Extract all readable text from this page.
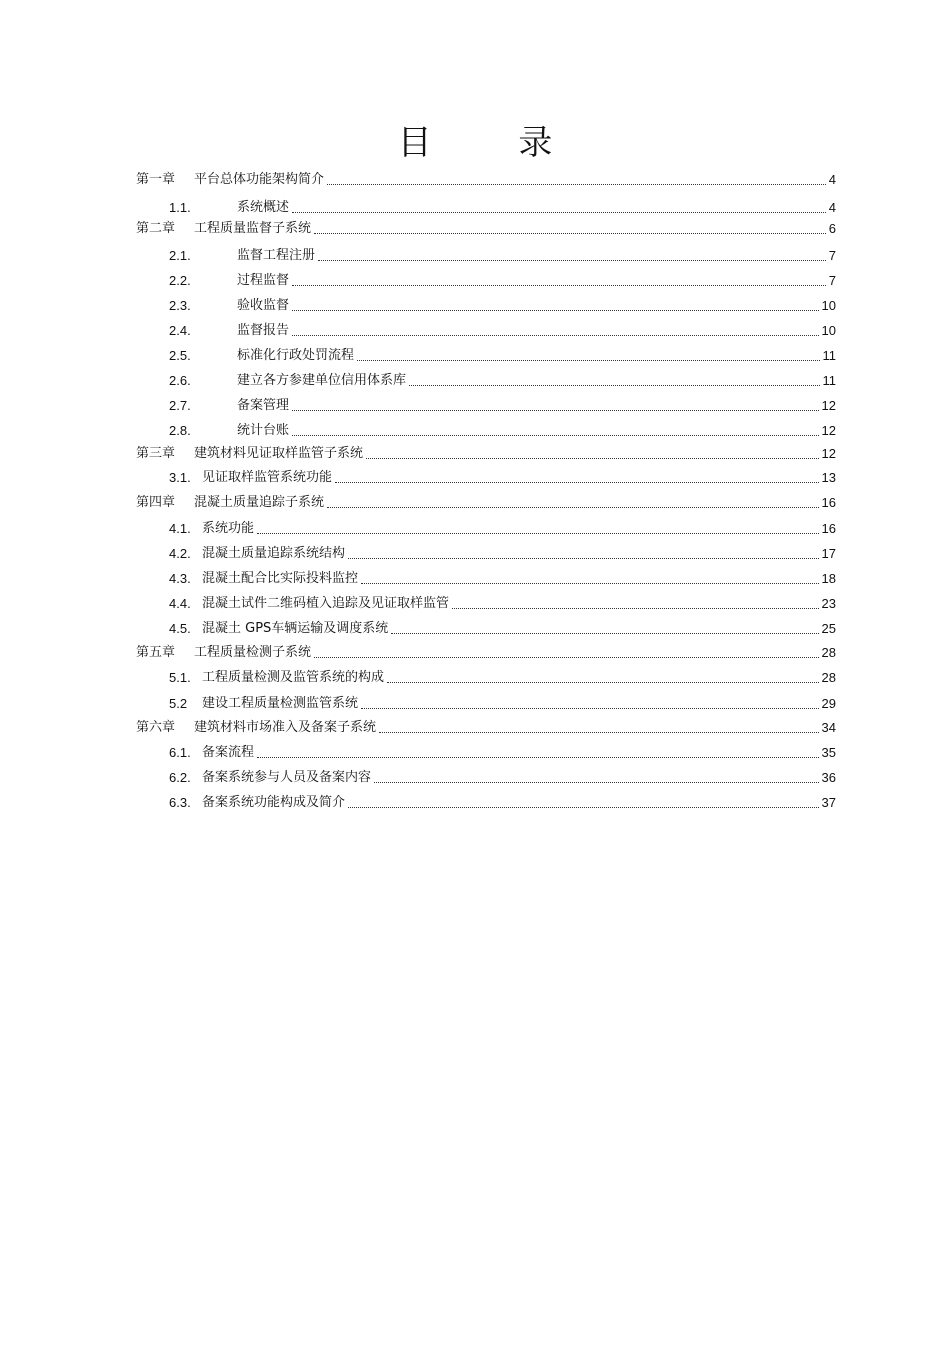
目 录
第一章	平台总体功能架构简介	4
1.1.	系统概述	4
第二章	工程质量监督子系统	6
2.1.	监督工程注册	7
2.2.	过程监督	7
2.3.	验收监督	10
2.4.	监督报告	10
2.5.	标准化行政处罚流程	11
2.6.	建立各方参建单位信用体系库	11
2.7.	备案管理	12
2.8.	统计台账	12
第三章	建筑材料见证取样监管子系统	12
3.1. 见证取样监管系统功能	13
第四章	混凝土质量追踪子系统	16
4.1. 系统功能	16
4.2. 混凝土质量追踪系统结构	17
4.3. 混凝土配合比实际投料监控	18
4.4. 混凝土试件二维码植入追踪及见证取样监管	23
4.5. 混凝土 GPS车辆运输及调度系统	25
第五章	工程质量检测子系统	28
5.1. 工程质量检测及监管系统的构成	28
5.2	建设工程质量检测监管系统	29
第六章	建筑材料市场准入及备案子系统	34
6.1. 备案流程	35
6.2. 备案系统参与人员及备案内容	36
6.3. 备案系统功能构成及简介	37
